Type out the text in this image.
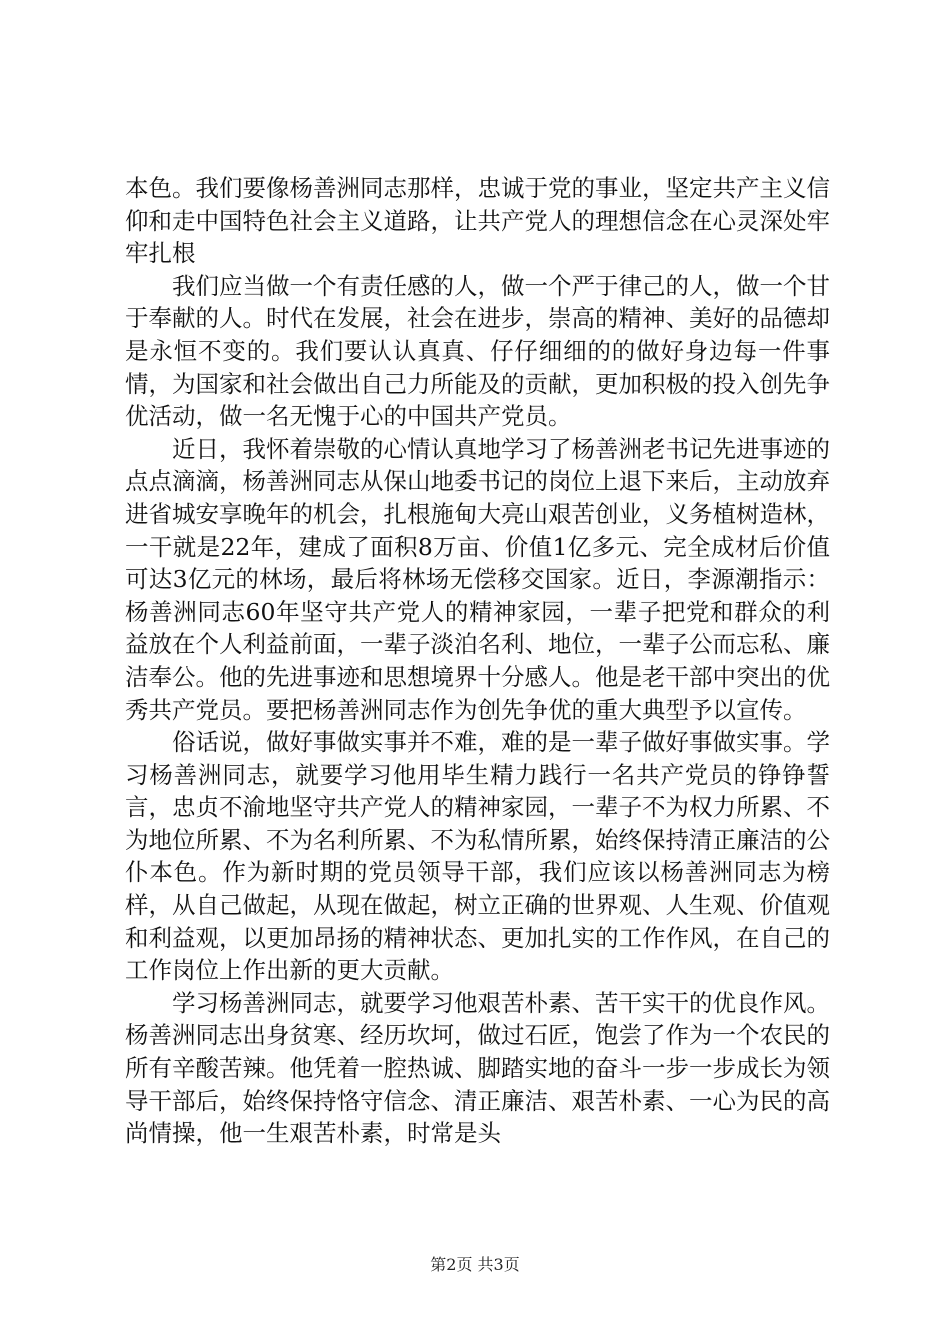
本色。我们要像杨善洲同志那样，忠诚于党的事业，坚定共产主义信仰和走中国特色社会主义道路，让共产党人的理想信念在心灵深处牢牢扎根

我们应当做一个有责任感的人，做一个严于律己的人，做一个甘于奉献的人。时代在发展，社会在进步，崇高的精神、美好的品德却是永恒不变的。我们要认认真真、仔仔细细的的做好身边每一件事情，为国家和社会做出自己力所能及的贡献，更加积极的投入创先争优活动，做一名无愧于心的中国共产党员。

近日，我怀着崇敬的心情认真地学习了杨善洲老书记先进事迹的点点滴滴，杨善洲同志从保山地委书记的岗位上退下来后，主动放弃进省城安享晚年的机会，扎根施甸大亮山艰苦创业，义务植树造林，一干就是22年，建成了面积8万亩、价值1亿多元、完全成材后价值可达3亿元的林场，最后将林场无偿移交国家。近日，李源潮指示：杨善洲同志60年坚守共产党人的精神家园，一辈子把党和群众的利益放在个人利益前面，一辈子淡泊名利、地位，一辈子公而忘私、廉洁奉公。他的先进事迹和思想境界十分感人。他是老干部中突出的优秀共产党员。要把杨善洲同志作为创先争优的重大典型予以宣传。

俗话说，做好事做实事并不难，难的是一辈子做好事做实事。学习杨善洲同志，就要学习他用毕生精力践行一名共产党员的铮铮誓言，忠贞不渝地坚守共产党人的精神家园，一辈子不为权力所累、不为地位所累、不为名利所累、不为私情所累，始终保持清正廉洁的公仆本色。作为新时期的党员领导干部，我们应该以杨善洲同志为榜样，从自己做起，从现在做起，树立正确的世界观、人生观、价值观和利益观，以更加昂扬的精神状态、更加扎实的工作作风，在自己的工作岗位上作出新的更大贡献。

学习杨善洲同志，就要学习他艰苦朴素、苦干实干的优良作风。杨善洲同志出身贫寒、经历坎坷，做过石匠，饱尝了作为一个农民的所有辛酸苦辣。他凭着一腔热诚、脚踏实地的奋斗一步一步成长为领导干部后，始终保持恪守信念、清正廉洁、艰苦朴素、一心为民的高尚情操，他一生艰苦朴素，时常是头

第2页 共3页
